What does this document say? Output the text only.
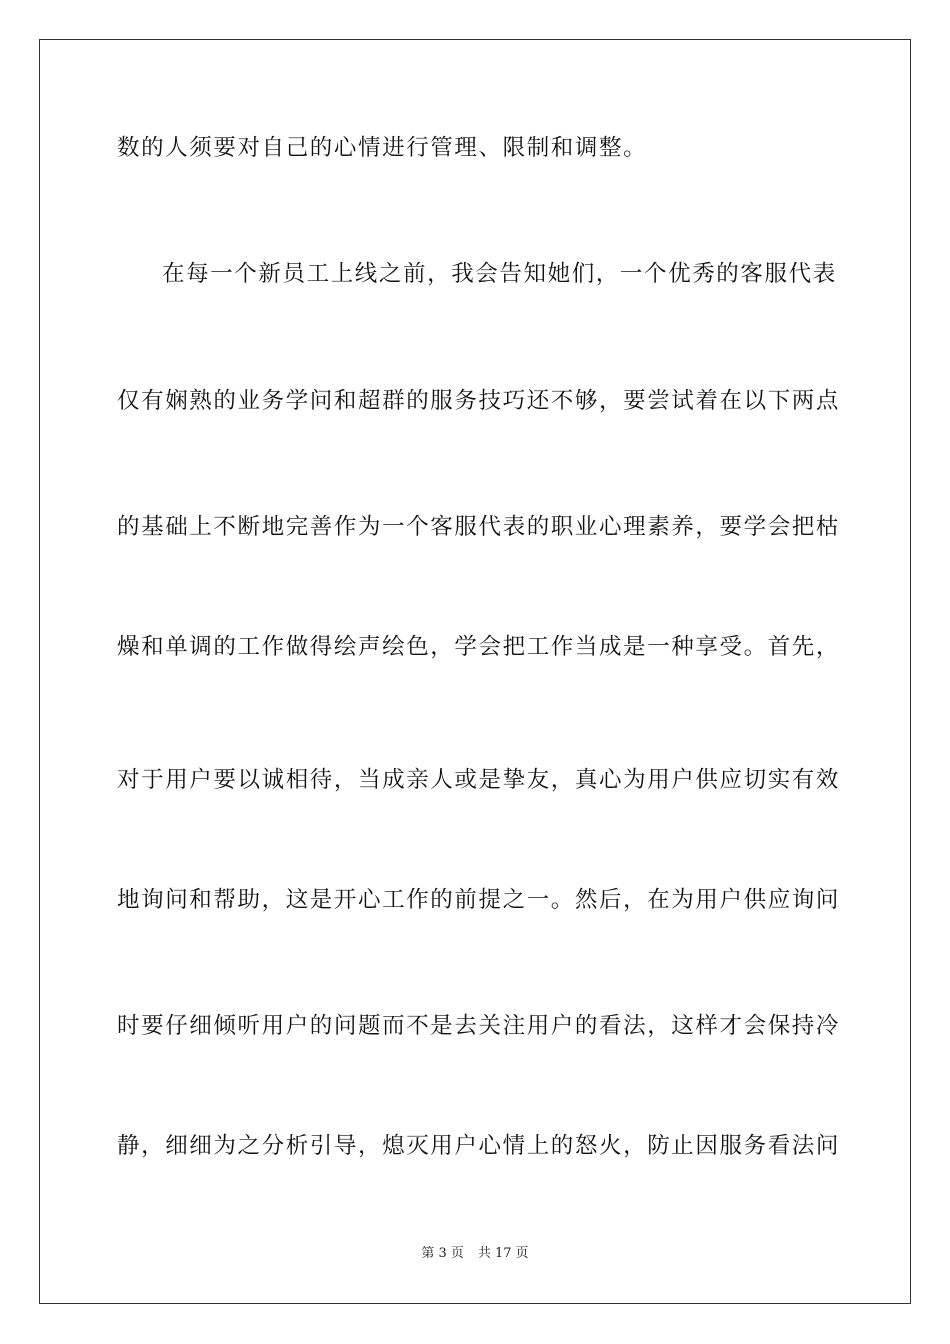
数的人须要对自己的心情进行管理、限制和调整。
在每一个新员工上线之前，我会告知她们，一个优秀的客服代表
仅有娴熟的业务学问和超群的服务技巧还不够，要尝试着在以下两点
的基础上不断地完善作为一个客服代表的职业心理素养，要学会把枯
燥和单调的工作做得绘声绘色，学会把工作当成是一种享受。首先，
对于用户要以诚相待，当成亲人或是挚友，真心为用户供应切实有效
地询问和帮助，这是开心工作的前提之一。然后，在为用户供应询问
时要仔细倾听用户的问题而不是去关注用户的看法，这样才会保持冷
静，细细为之分析引导，熄灭用户心情上的怒火，防止因服务看法问
第 3 页 共 17 页
